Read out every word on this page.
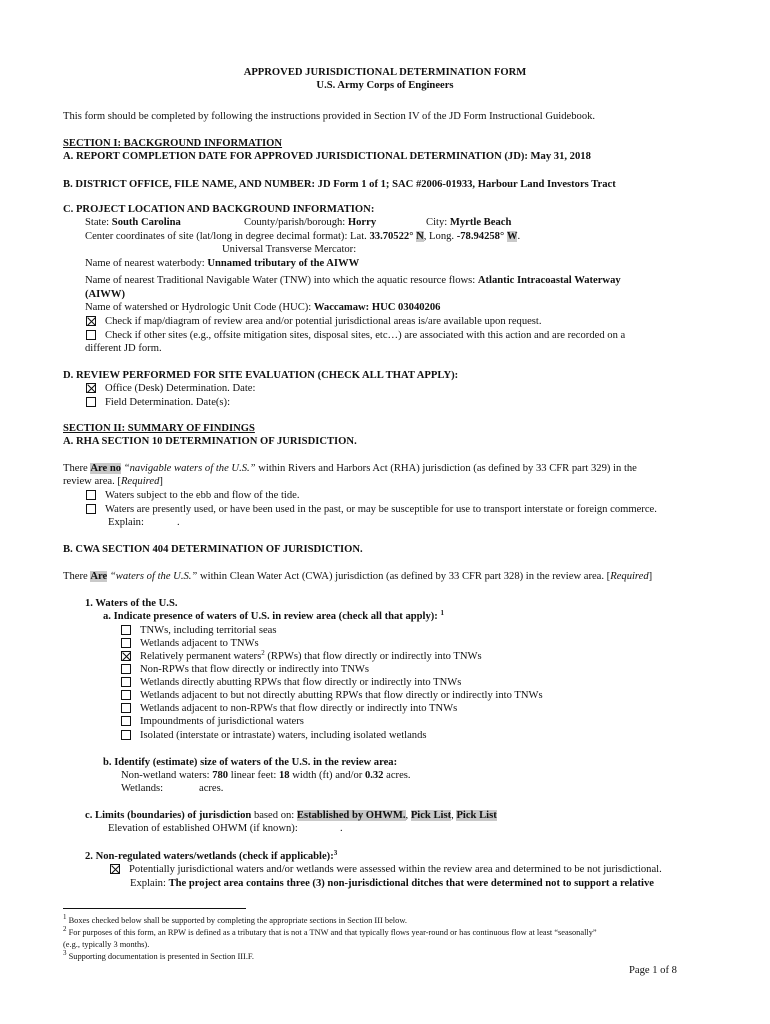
APPROVED JURISDICTIONAL DETERMINATION FORM
U.S. Army Corps of Engineers
This form should be completed by following the instructions provided in Section IV of the JD Form Instructional Guidebook.
SECTION I: BACKGROUND INFORMATION
A. REPORT COMPLETION DATE FOR APPROVED JURISDICTIONAL DETERMINATION (JD): May 31, 2018
B. DISTRICT OFFICE, FILE NAME, AND NUMBER: JD Form 1 of 1; SAC #2006-01933, Harbour Land Investors Tract
C. PROJECT LOCATION AND BACKGROUND INFORMATION:
State: South Carolina	County/parish/borough: Horry	City: Myrtle Beach
Center coordinates of site (lat/long in degree decimal format): Lat. 33.70522° N, Long. -78.94258° W.
Universal Transverse Mercator:
Name of nearest waterbody: Unnamed tributary of the AIWW
Name of nearest Traditional Navigable Water (TNW) into which the aquatic resource flows: Atlantic Intracoastal Waterway
(AIWW)
Name of watershed or Hydrologic Unit Code (HUC): Waccamaw: HUC 03040206
Check if map/diagram of review area and/or potential jurisdictional areas is/are available upon request.
Check if other sites (e.g., offsite mitigation sites, disposal sites, etc…) are associated with this action and are recorded on a
different JD form.
D. REVIEW PERFORMED FOR SITE EVALUATION (CHECK ALL THAT APPLY):
Office (Desk) Determination. Date:
Field Determination. Date(s):
SECTION II: SUMMARY OF FINDINGS
A. RHA SECTION 10 DETERMINATION OF JURISDICTION.
There Are no “navigable waters of the U.S.” within Rivers and Harbors Act (RHA) jurisdiction (as defined by 33 CFR part 329) in the
review area. [Required]
Waters subject to the ebb and flow of the tide.
Waters are presently used, or have been used in the past, or may be susceptible for use to transport interstate or foreign commerce.
Explain:	.
B. CWA SECTION 404 DETERMINATION OF JURISDICTION.
There Are “waters of the U.S.” within Clean Water Act (CWA) jurisdiction (as defined by 33 CFR part 328) in the review area. [Required]
1. Waters of the U.S.
a. Indicate presence of waters of U.S. in review area (check all that apply): $^1$
TNWs, including territorial seas
Wetlands adjacent to TNWs
Relatively permanent waters$^2$ (RPWs) that flow directly or indirectly into TNWs
Non-RPWs that flow directly or indirectly into TNWs
Wetlands directly abutting RPWs that flow directly or indirectly into TNWs
Wetlands adjacent to but not directly abutting RPWs that flow directly or indirectly into TNWs
Wetlands adjacent to non-RPWs that flow directly or indirectly into TNWs
Impoundments of jurisdictional waters
Isolated (interstate or intrastate) waters, including isolated wetlands
b. Identify (estimate) size of waters of the U.S. in the review area:
Non-wetland waters: 780 linear feet: 18 width (ft) and/or 0.32 acres.
Wetlands:	acres.
c. Limits (boundaries) of jurisdiction based on: Established by OHWM., Pick List, Pick List
Elevation of established OHWM (if known):	.
2. Non-regulated waters/wetlands (check if applicable):$^3$
Potentially jurisdictional waters and/or wetlands were assessed within the review area and determined to be not jurisdictional.
Explain: The project area contains three (3) non-jurisdictional ditches that were determined not to support a relative
$^1$ Boxes checked below shall be supported by completing the appropriate sections in Section III below.
$^2$ For purposes of this form, an RPW is defined as a tributary that is not a TNW and that typically flows year-round or has continuous flow at least “seasonally”
(e.g., typically 3 months).
$^3$ Supporting documentation is presented in Section III.F.
Page 1 of 8
